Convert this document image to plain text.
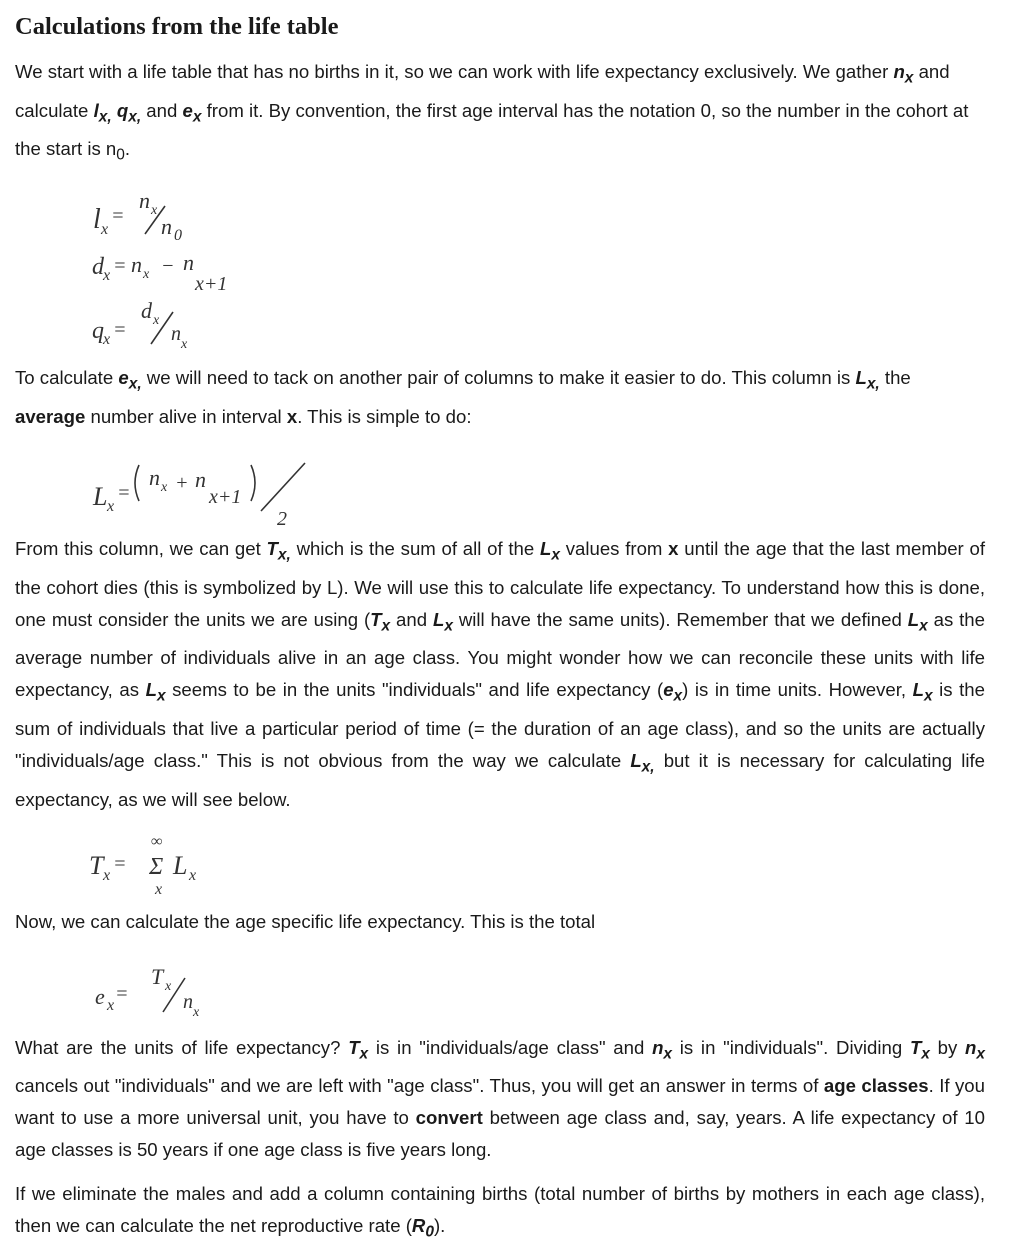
Calculations from the life table

We start with a life table that has no births in it, so we can work with life expectancy exclusively. We gather $n_x$ and calculate $l_{x,}$ $q_{x,}$ and $e_x$ from it. By convention, the first age interval has the notation 0, so the number in the cohort at the start is $n_0$.

l x
=
n x
n 0
d x = n x − n
x+1
q x =
d x
n x

To calculate $e_{x,}$ we will need to tack on another pair of columns to make it easier to do. This column is $L_{x,}$ the average number alive in interval x. This is simple to do:

L x
=
n x + n
x+1
2

From this column, we can get $T_{x,}$ which is the sum of all of the $L_x$ values from x until the age that the last member of the cohort dies (this is symbolized by L). We will use this to calculate life expectancy. To understand how this is done, one must consider the units we are using ($T_x$ and $L_x$ will have the same units). Remember that we defined $L_x$ as the average number of individuals alive in an age class. You might wonder how we can reconcile these units with life expectancy, as $L_x$ seems to be in the units "individuals" and life expectancy $(e_x)$ is in time units. However, $L_x$ is the sum of individuals that live a particular period of time (= the duration of an age class), and so the units are actually "individuals/age class." This is not obvious from the way we calculate $L_{x,}$ but it is necessary for calculating life expectancy, as we will see below.

T x
=
∞
Σ
x
L x

Now, we can calculate the age specific life expectancy. This is the total

e x
=
T x
n x

What are the units of life expectancy? $T_x$ is in "individuals/age class" and $n_x$ is in "individuals". Dividing $T_x$ by $n_x$ cancels out "individuals" and we are left with "age class". Thus, you will get an answer in terms of age classes. If you want to use a more universal unit, you have to convert between age class and, say, years. A life expectancy of 10 age classes is 50 years if one age class is five years long.

If we eliminate the males and add a column containing births (total number of births by mothers in each age class), then we can calculate the net reproductive rate $(R_0)$.
